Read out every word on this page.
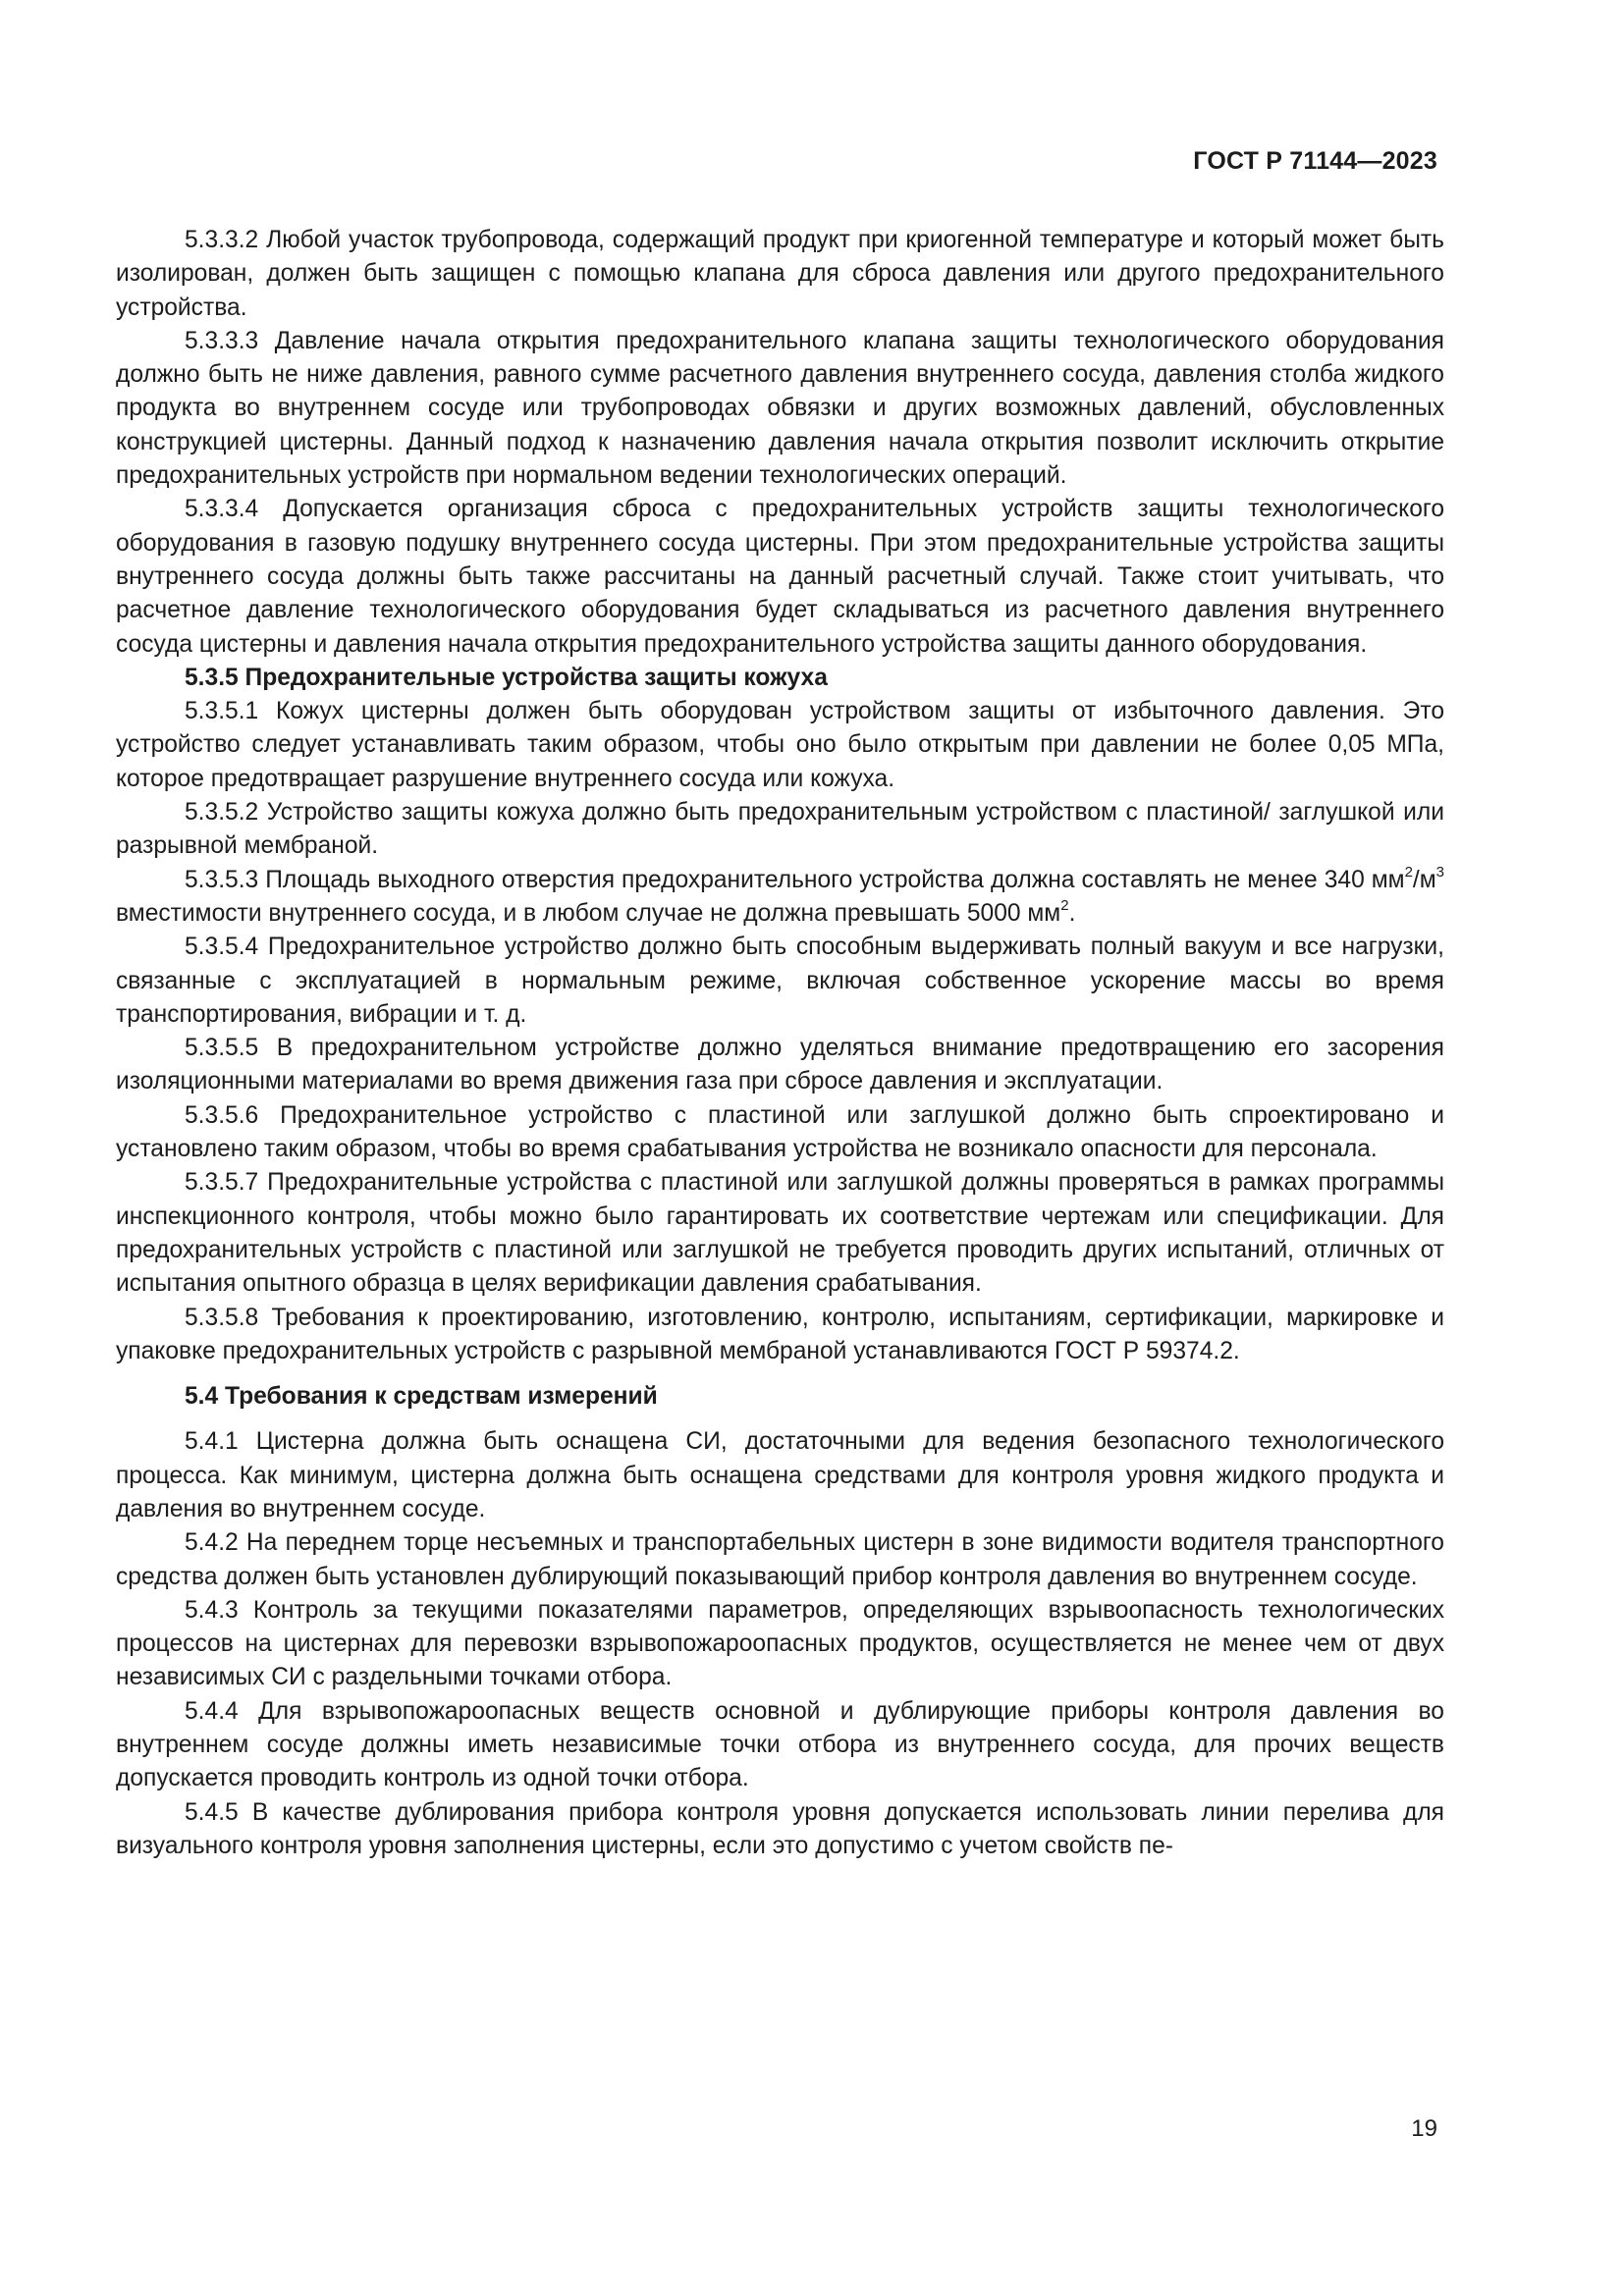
ГОСТ Р 71144—2023
5.3.3.2 Любой участок трубопровода, содержащий продукт при криогенной температуре и который может быть изолирован, должен быть защищен с помощью клапана для сброса давления или другого предохранительного устройства.
5.3.3.3 Давление начала открытия предохранительного клапана защиты технологического оборудования должно быть не ниже давления, равного сумме расчетного давления внутреннего сосуда, давления столба жидкого продукта во внутреннем сосуде или трубопроводах обвязки и других возможных давлений, обусловленных конструкцией цистерны. Данный подход к назначению давления начала открытия позволит исключить открытие предохранительных устройств при нормальном ведении технологических операций.
5.3.3.4 Допускается организация сброса с предохранительных устройств защиты технологического оборудования в газовую подушку внутреннего сосуда цистерны. При этом предохранительные устройства защиты внутреннего сосуда должны быть также рассчитаны на данный расчетный случай. Также стоит учитывать, что расчетное давление технологического оборудования будет складываться из расчетного давления внутреннего сосуда цистерны и давления начала открытия предохранительного устройства защиты данного оборудования.
5.3.5 Предохранительные устройства защиты кожуха
5.3.5.1 Кожух цистерны должен быть оборудован устройством защиты от избыточного давления. Это устройство следует устанавливать таким образом, чтобы оно было открытым при давлении не более 0,05 МПа, которое предотвращает разрушение внутреннего сосуда или кожуха.
5.3.5.2 Устройство защиты кожуха должно быть предохранительным устройством с пластиной/ заглушкой или разрывной мембраной.
5.3.5.3 Площадь выходного отверстия предохранительного устройства должна составлять не менее 340 $мм^2/м^3$ вместимости внутреннего сосуда, и в любом случае не должна превышать 5000 $мм^2$.
5.3.5.4 Предохранительное устройство должно быть способным выдерживать полный вакуум и все нагрузки, связанные с эксплуатацией в нормальным режиме, включая собственное ускорение массы во время транспортирования, вибрации и т. д.
5.3.5.5 В предохранительном устройстве должно уделяться внимание предотвращению его засорения изоляционными материалами во время движения газа при сбросе давления и эксплуатации.
5.3.5.6 Предохранительное устройство с пластиной или заглушкой должно быть спроектировано и установлено таким образом, чтобы во время срабатывания устройства не возникало опасности для персонала.
5.3.5.7 Предохранительные устройства с пластиной или заглушкой должны проверяться в рамках программы инспекционного контроля, чтобы можно было гарантировать их соответствие чертежам или спецификации. Для предохранительных устройств с пластиной или заглушкой не требуется проводить других испытаний, отличных от испытания опытного образца в целях верификации давления срабатывания.
5.3.5.8 Требования к проектированию, изготовлению, контролю, испытаниям, сертификации, маркировке и упаковке предохранительных устройств с разрывной мембраной устанавливаются ГОСТ Р 59374.2.
5.4 Требования к средствам измерений
5.4.1 Цистерна должна быть оснащена СИ, достаточными для ведения безопасного технологического процесса. Как минимум, цистерна должна быть оснащена средствами для контроля уровня жидкого продукта и давления во внутреннем сосуде.
5.4.2 На переднем торце несъемных и транспортабельных цистерн в зоне видимости водителя транспортного средства должен быть установлен дублирующий показывающий прибор контроля давления во внутреннем сосуде.
5.4.3 Контроль за текущими показателями параметров, определяющих взрывоопасность технологических процессов на цистернах для перевозки взрывопожароопасных продуктов, осуществляется не менее чем от двух независимых СИ с раздельными точками отбора.
5.4.4 Для взрывопожароопасных веществ основной и дублирующие приборы контроля давления во внутреннем сосуде должны иметь независимые точки отбора из внутреннего сосуда, для прочих веществ допускается проводить контроль из одной точки отбора.
5.4.5 В качестве дублирования прибора контроля уровня допускается использовать линии перелива для визуального контроля уровня заполнения цистерны, если это допустимо с учетом свойств пе-
19
